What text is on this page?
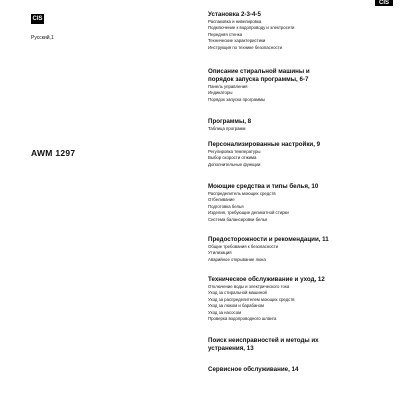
CIS
CIS
Русский,1
AWM 1297
Установка 2-3-4-5
Распаковка и нивелировка
Подключение к водопроводу и электросети
Передняя стенка
Технические характеристики
Инструкция по технике безопасности
Описание стиральной машины и
порядок запуска программы, 6-7
Панель управления
Индикаторы
Порядок запуска программы
Программы, 8
Таблица программ
Персонализированные настройки, 9
Регулировка температуры
Выбор скорости отжима
Дополнительные функции
Моющие средства и типы белья, 10
Распределитель моющих средств
Отбеливание
Подготовка белья
Изделия, требующие деликатной стирки
Система балансировки белья
Предосторожности и рекомендации, 11
Общие требования к безопасности
Утилизация
Аварийное открывание люка
Техническое обслуживание и уход, 12
Отключение воды и электрического тока
Уход за стиральной машиной
Уход за распределителем моющих средств
Уход за люком и барабаном
Уход за насосом
Проверка водопроводного шланга
Поиск неисправностей и методы их
устранения, 13
Сервисное обслуживание, 14
